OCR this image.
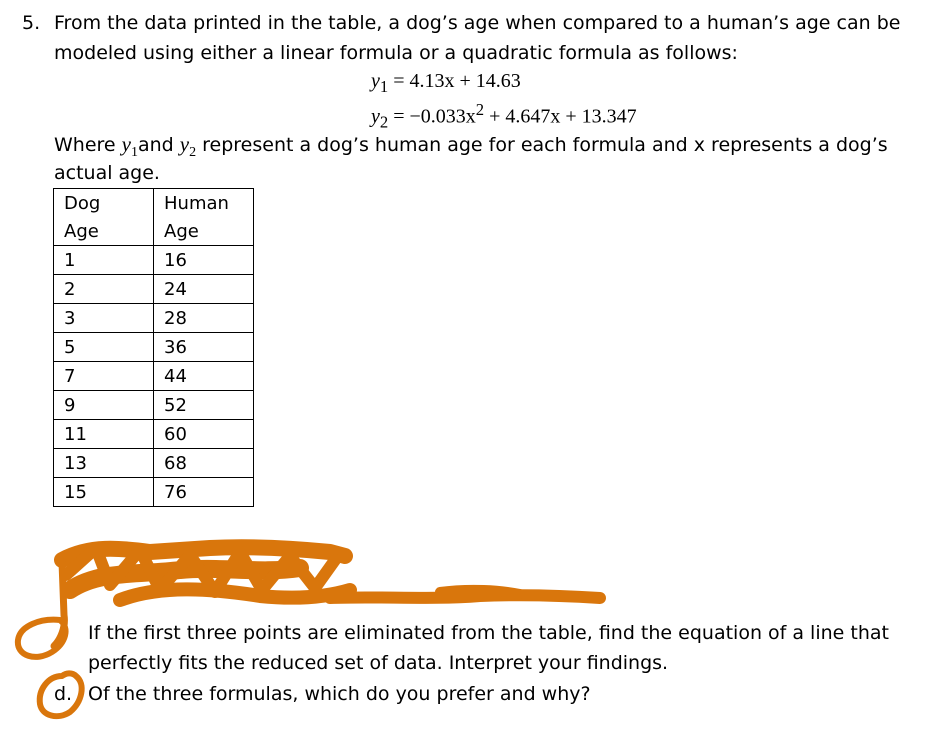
5. From the data printed in the table, a dog’s age when compared to a human’s age can be
modeled using either a linear formula or a quadratic formula as follows:
$y_1 = 4.13x + 14.63$
$y_2 = -0.033x^2 + 4.647x + 13.347$
Where $y_1and$ $y_2$ represent a dog’s human age for each formula and x represents a dog’s
actual age.
Dog	Human
Age	Age
1	16
2	24
3	28
5	36
7	44
9	52
11	60
13	68
15	76
If the first three points are eliminated from the table, find the equation of a line that
perfectly fits the reduced set of data. Interpret your findings.
d. Of the three formulas, which do you prefer and why?
